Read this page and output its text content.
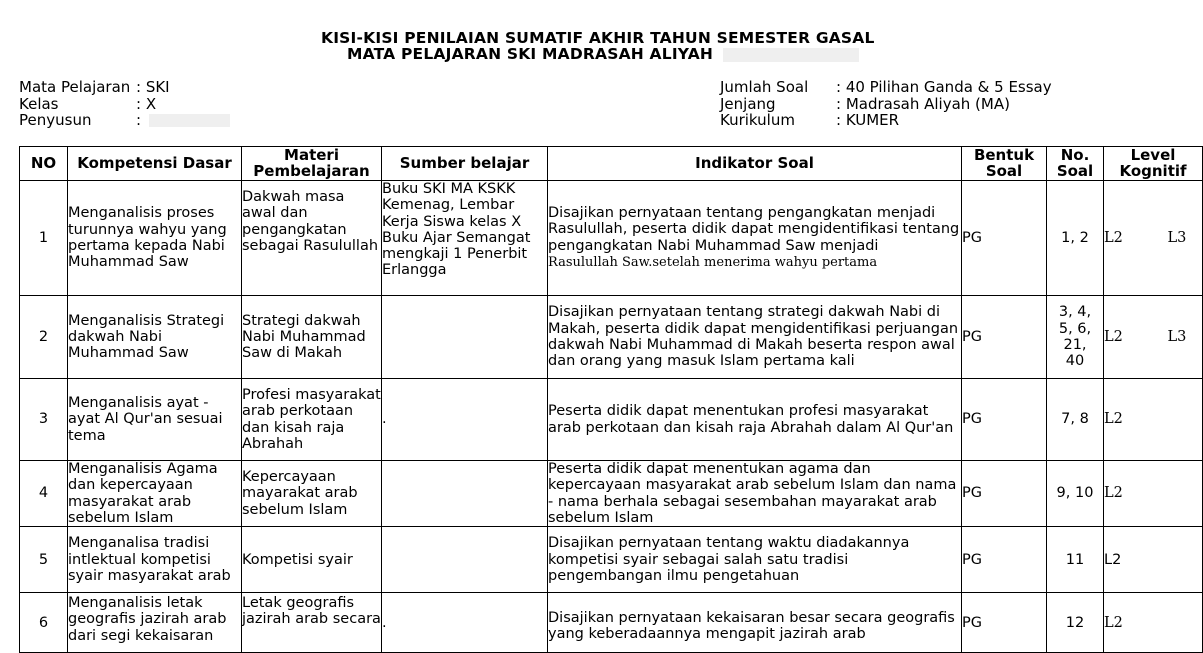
KISI-KISI PENILAIAN SUMATIF AKHIR TAHUN SEMESTER GASAL
MATA PELAJARAN SKI MADRASAH ALIYAH
Mata Pelajaran : SKI
Kelas	: X
Penyusun	:
Jumlah Soal : 40 Pilihan Ganda & 5 Essay
Jenjang	: Madrasah Aliyah (MA)
Kurikulum	: KUMER
NO	Kompetensi Dasar	Materi Pembelajaran	Sumber belajar	Indikator Soal	Bentuk Soal	No. Soal	Level Kognitif
1	Menganalisis proses turunnya wahyu yang pertama kepada Nabi Muhammad Saw	Dakwah masa awal dan pengangkatan sebagai Rasulullah	Buku SKI MA KSKK Kemenag, Lembar Kerja Siswa kelas X Buku Ajar Semangat mengkaji 1 Penerbit Erlangga	Disajikan pernyataan tentang pengangkatan menjadi Rasulullah, peserta didik dapat mengidentifikasi tentang pengangkatan Nabi Muhammad Saw menjadi
Rasulullah Saw.setelah menerima wahyu pertama	PG	1, 2	L2 L3
2	Menganalisis Strategi dakwah Nabi Muhammad Saw	Strategi dakwah Nabi Muhammad Saw di Makah		Disajikan pernyataan tentang strategi dakwah Nabi di Makah, peserta didik dapat mengidentifikasi perjuangan dakwah Nabi Muhammad di Makah beserta respon awal dan orang yang masuk Islam pertama kali	PG	3, 4, 5, 6, 21, 40	L2 L3
3	Menganalisis ayat - ayat Al Qur'an sesuai tema	Profesi masyarakat arab perkotaan dan kisah raja Abrahah	.	Peserta didik dapat menentukan profesi masyarakat arab perkotaan dan kisah raja Abrahah dalam Al Qur'an	PG	7, 8	L2
4	Menganalisis Agama dan kepercayaan masyarakat arab sebelum Islam	Kepercayaan mayarakat arab sebelum Islam		Peserta didik dapat menentukan agama dan kepercayaan masyarakat arab sebelum Islam dan nama - nama berhala sebagai sesembahan mayarakat arab sebelum Islam	PG	9, 10	L2
5	Menganalisa tradisi intlektual kompetisi syair masyarakat arab	Kompetisi syair		Disajikan pernyataan tentang waktu diadakannya kompetisi syair sebagai salah satu tradisi pengembangan ilmu pengetahuan	PG	11	L2
6	Menganalisis letak geografis jazirah arab dari segi kekaisaran	Letak geografis jazirah arab secara	.	Disajikan pernyataan kekaisaran besar secara geografis yang keberadaannya mengapit jazirah arab	PG	12	L2
